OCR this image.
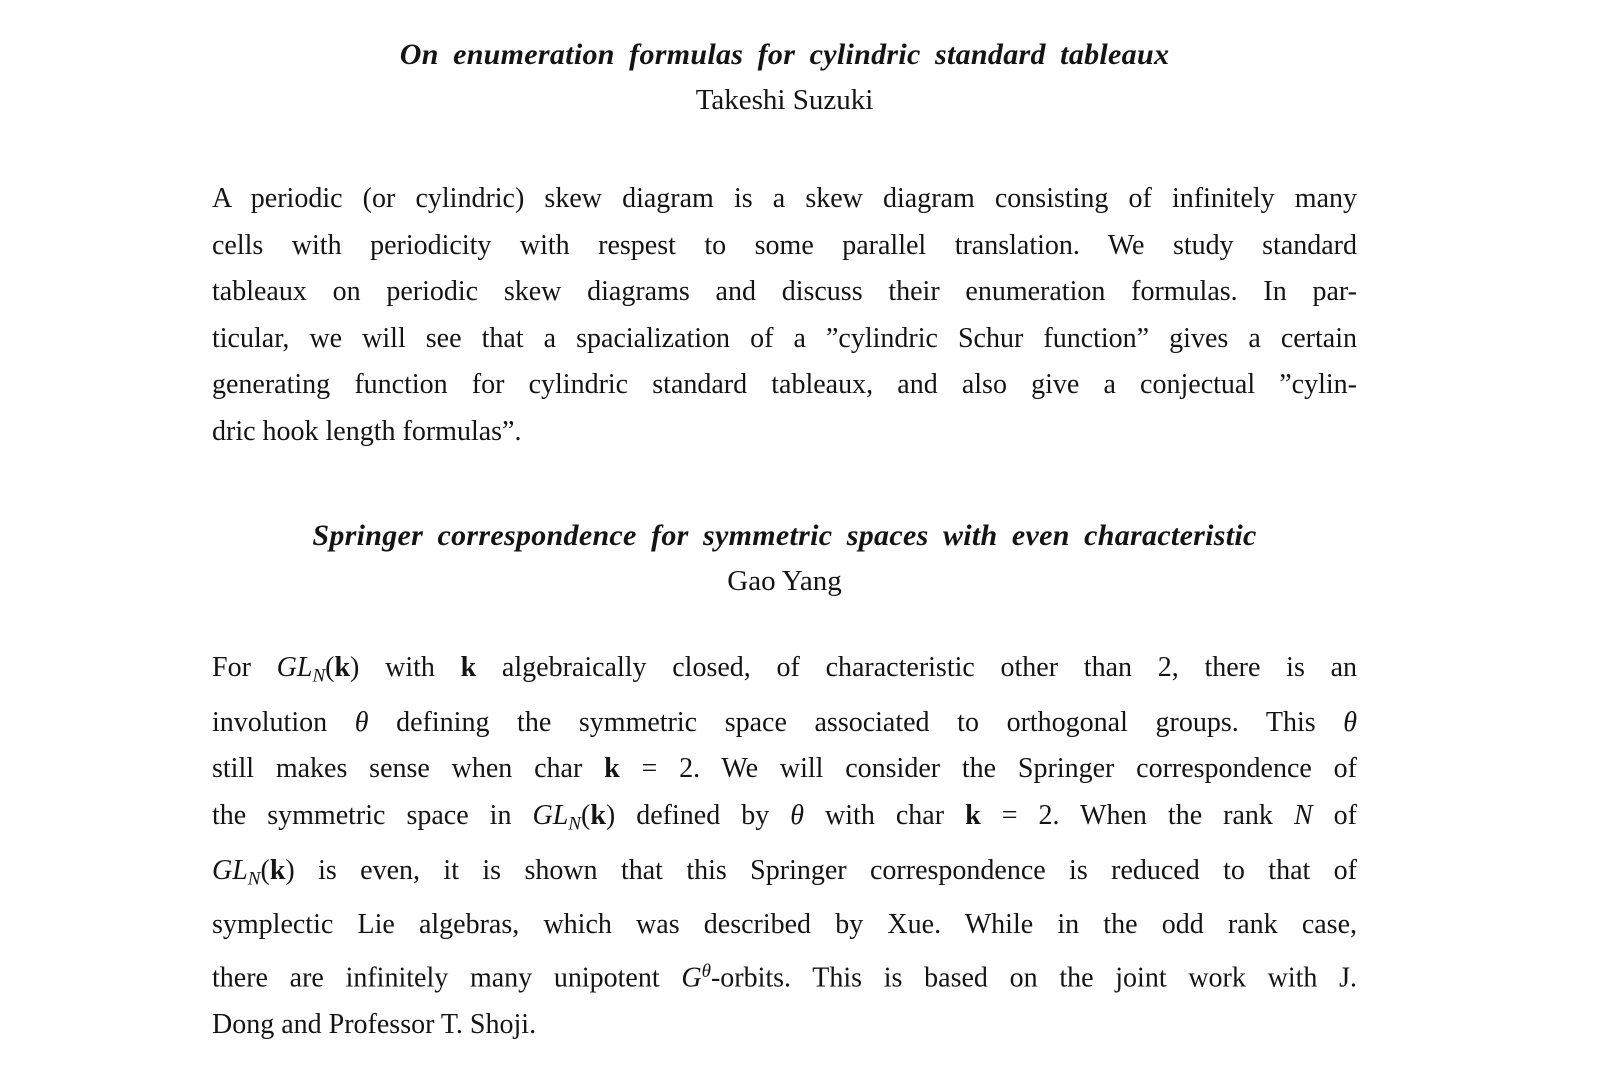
On enumeration formulas for cylindric standard tableaux
Takeshi Suzuki
A periodic (or cylindric) skew diagram is a skew diagram consisting of infinitely many
cells with periodicity with respest to some parallel translation. We study standard
tableaux on periodic skew diagrams and discuss their enumeration formulas. In par-
ticular, we will see that a spacialization of a ”cylindric Schur function” gives a certain
generating function for cylindric standard tableaux, and also give a conjectual ”cylin-
dric hook length formulas”.
Springer correspondence for symmetric spaces with even characteristic
Gao Yang
For GLN(k) with k algebraically closed, of characteristic other than 2, there is an
involution θ defining the symmetric space associated to orthogonal groups. This θ
still makes sense when char k = 2. We will consider the Springer correspondence of
the symmetric space in GLN(k) defined by θ with char k = 2. When the rank N of
GLN(k) is even, it is shown that this Springer correspondence is reduced to that of
symplectic Lie algebras, which was described by Xue. While in the odd rank case,
there are infinitely many unipotent $G^\theta$-orbits. This is based on the joint work with J.
Dong and Professor T. Shoji.
